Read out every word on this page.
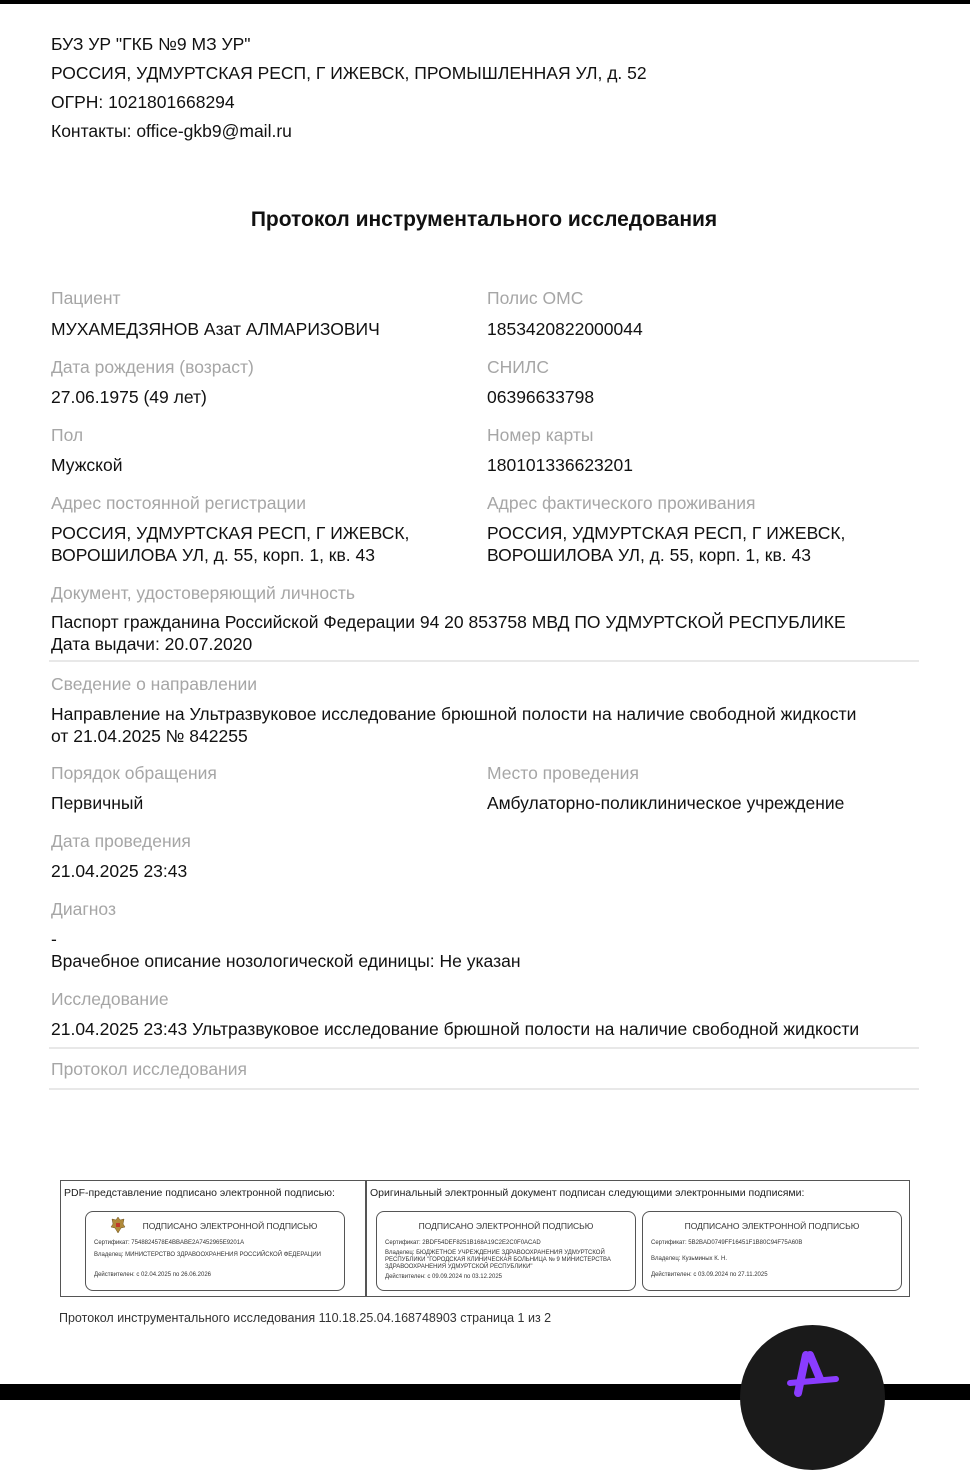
БУЗ УР "ГКБ №9 МЗ УР"
РОССИЯ, УДМУРТСКАЯ РЕСП, Г ИЖЕВСК, ПРОМЫШЛЕННАЯ УЛ, д. 52
ОГРН: 1021801668294
Контакты: office-gkb9@mail.ru
Протокол инструментального исследования
Пациент
МУХАМЕДЗЯНОВ Азат АЛМАРИЗОВИЧ
Полис ОМС
1853420822000044
Дата рождения (возраст)
27.06.1975 (49 лет)
СНИЛС
06396633798
Пол
Мужской
Номер карты
180101336623201
Адрес постоянной регистрации
РОССИЯ, УДМУРТСКАЯ РЕСП, Г ИЖЕВСК,
ВОРОШИЛОВА УЛ, д. 55, корп. 1, кв. 43
Адрес фактического проживания
РОССИЯ, УДМУРТСКАЯ РЕСП, Г ИЖЕВСК,
ВОРОШИЛОВА УЛ, д. 55, корп. 1, кв. 43
Документ, удостоверяющий личность
Паспорт гражданина Российской Федерации 94 20 853758 МВД ПО УДМУРТСКОЙ РЕСПУБЛИКЕ
Дата выдачи: 20.07.2020
Сведение о направлении
Направление на Ультразвуковое исследование брюшной полости на наличие свободной жидкости
от 21.04.2025 № 842255
Порядок обращения
Первичный
Место проведения
Амбулаторно-поликлиническое учреждение
Дата проведения
21.04.2025 23:43
Диагноз
-
Врачебное описание нозологической единицы: Не указан
Исследование
21.04.2025 23:43 Ультразвуковое исследование брюшной полости на наличие свободной жидкости
Протокол исследования
PDF-представление подписано электронной подписью:	Оригинальный электронный документ подписан следующими электронными подписями:
ПОДПИСАНО ЭЛЕКТРОННОЙ ПОДПИСЬЮ
Сертификат: 7548824578E4BBABE2A7452965E9201A
Владелец: МИНИСТЕРСТВО ЗДРАВООХРАНЕНИЯ РОССИЙСКОЙ ФЕДЕРАЦИИ
Действителен: с 02.04.2025 по 26.06.2026
ПОДПИСАНО ЭЛЕКТРОННОЙ ПОДПИСЬЮ
Сертификат: 2BDF54DEF8251B168A19C2E2C0F0ACAD
Владелец: БЮДЖЕТНОЕ УЧРЕЖДЕНИЕ ЗДРАВООХРАНЕНИЯ УДМУРТСКОЙ РЕСПУБЛИКИ "ГОРОДСКАЯ КЛИНИЧЕСКАЯ БОЛЬНИЦА № 9 МИНИСТЕРСТВА ЗДРАВООХРАНЕНИЯ УДМУРТСКОЙ РЕСПУБЛИКИ"
Действителен: с 09.09.2024 по 03.12.2025
ПОДПИСАНО ЭЛЕКТРОННОЙ ПОДПИСЬЮ
Сертификат: 5B2BAD0749FF16451F1B80C94F75A60B
Владелец: Кузьминых К. Н.
Действителен: с 03.09.2024 по 27.11.2025
Протокол инструментального исследования 110.18.25.04.168748903 страница 1 из 2
